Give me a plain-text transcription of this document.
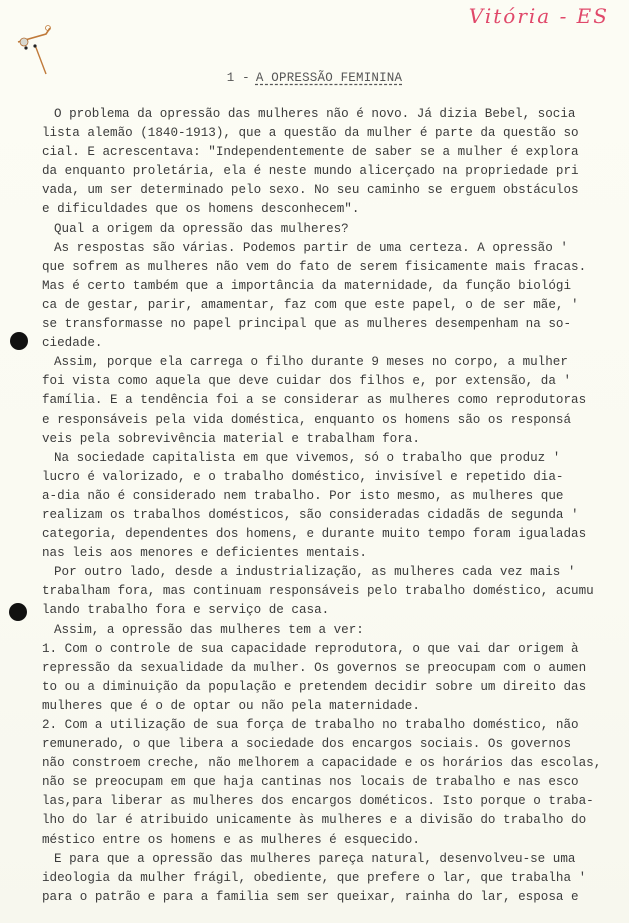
Vitória - ES
1 - A OPRESSÃO FEMININA
O problema da opressão das mulheres não é novo. Já dizia Bebel, socia
lista alemão (1840-1913), que a questão da mulher é parte da questão so
cial. E acrescentava: "Independentemente de saber se a mulher é explora
da enquanto proletária, ela é neste mundo alicerçado na propriedade pri
vada, um ser determinado pelo sexo. No seu caminho se erguem obstáculos
e dificuldades que os homens desconhecem".
Qual a origem da opressão das mulheres?
As respostas são várias. Podemos partir de uma certeza. A opressão '
que sofrem as mulheres não vem do fato de serem fisicamente mais fracas.
Mas é certo também que a importância da maternidade, da função biológi
ca de gestar, parir, amamentar, faz com que este papel, o de ser mãe, '
se transformasse no papel principal que as mulheres desempenham na so-
ciedade.
Assim, porque ela carrega o filho durante 9 meses no corpo, a mulher
foi vista como aquela que deve cuidar dos filhos e, por extensão, da '
família. E a tendência foi a se considerar as mulheres como reprodutoras
e responsáveis pela vida doméstica, enquanto os homens são os responsá
veis pela sobrevivência material e trabalham fora.
Na sociedade capitalista em que vivemos, só o trabalho que produz '
lucro é valorizado, e o trabalho doméstico, invisível e repetido dia-
a-dia não é considerado nem trabalho. Por isto mesmo, as mulheres que
realizam os trabalhos domésticos, são consideradas cidadãs de segunda '
categoria, dependentes dos homens, e durante muito tempo foram igualadas
nas leis aos menores e deficientes mentais.
Por outro lado, desde a industrialização, as mulheres cada vez mais '
trabalham fora, mas continuam responsáveis pelo trabalho doméstico, acumu
lando trabalho fora e serviço de casa.
Assim, a opressão das mulheres tem a ver:
1. Com o controle de sua capacidade reprodutora, o que vai dar origem à
repressão da sexualidade da mulher. Os governos se preocupam com o aumen
to ou a diminuição da população e pretendem decidir sobre um direito das
mulheres que é o de optar ou não pela maternidade.
2. Com a utilização de sua força de trabalho no trabalho doméstico, não
remunerado, o que libera a sociedade dos encargos sociais. Os governos
não constroem creche, não melhorem a capacidade e os horários das escolas,
não se preocupam em que haja cantinas nos locais de trabalho e nas esco
las,para liberar as mulheres dos encargos dométicos. Isto porque o traba-
lho do lar é atribuido unicamente às mulheres e a divisão do trabalho do
méstico entre os homens e as mulheres é esquecido.
E para que a opressão das mulheres pareça natural, desenvolveu-se uma
ideologia da mulher frágil, obediente, que prefere o lar, que trabalha '
para o patrão e para a familia sem ser queixar, rainha do lar, esposa e
